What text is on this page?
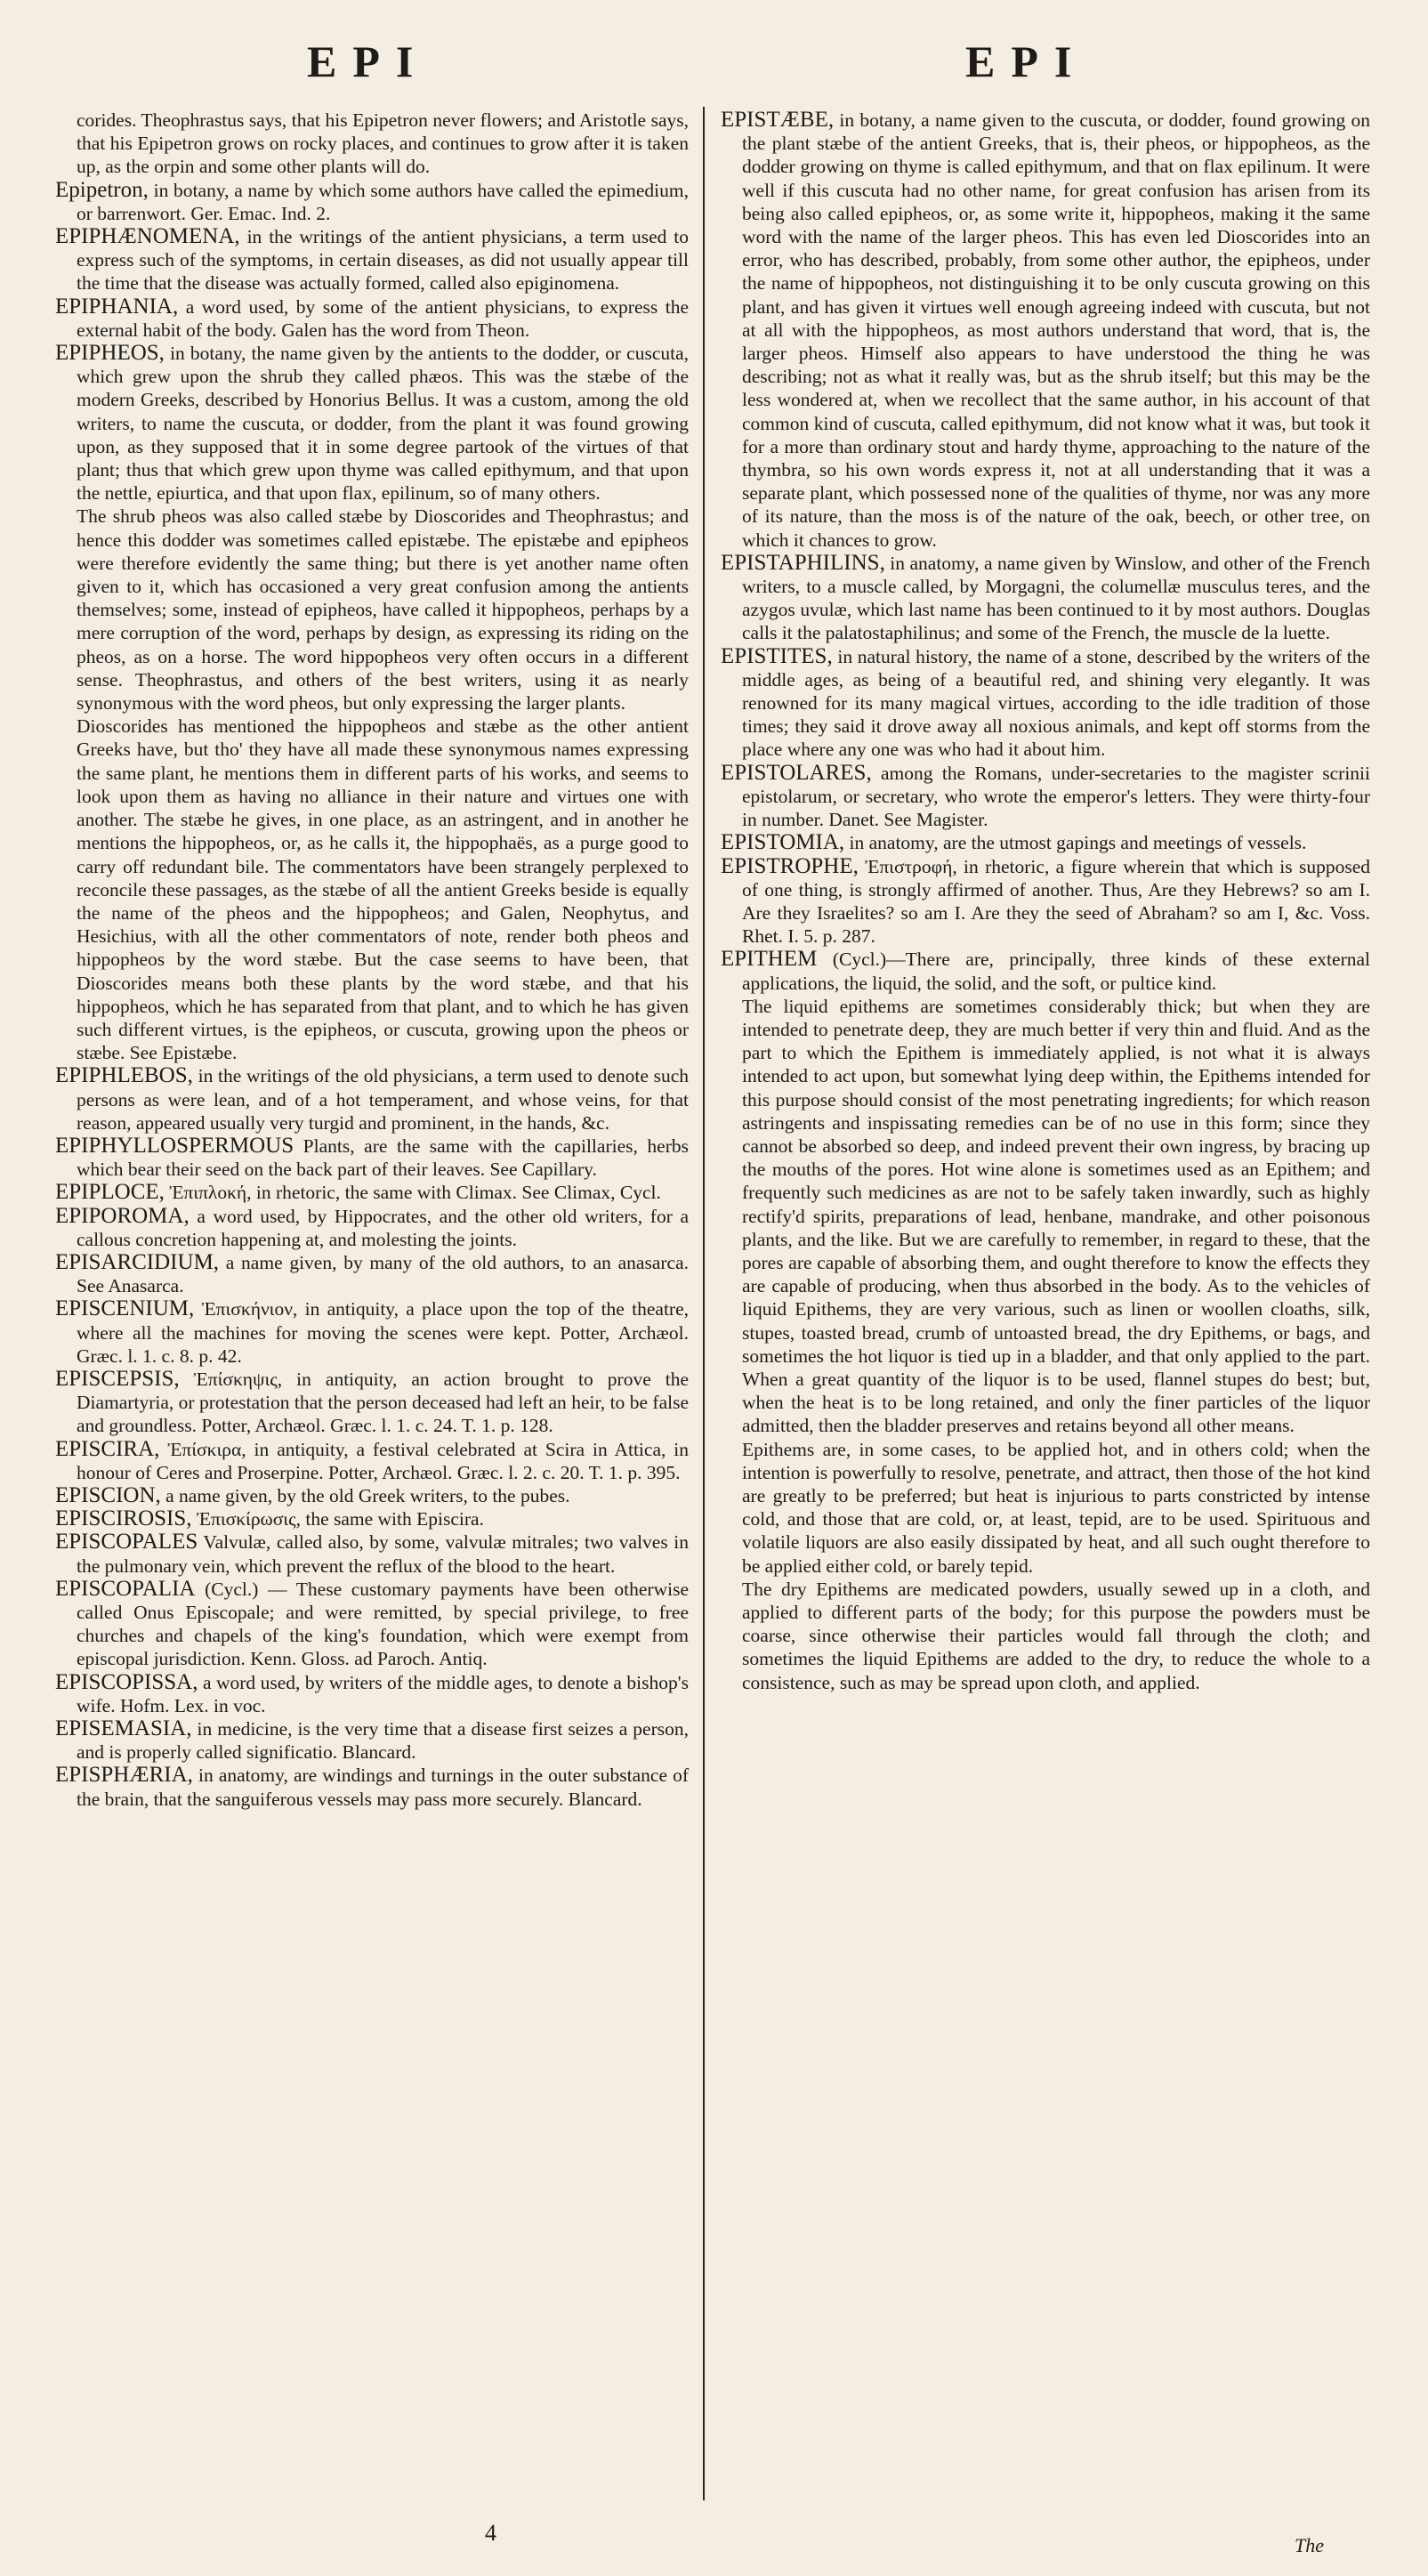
EPI	EPI

corides. Theophrastus says, that his Epipetron never flowers; and Aristotle says, that his Epipetron grows on rocky places, and continues to grow after it is taken up, as the orpin and some other plants will do.

Epipetron, in botany, a name by which some authors have called the epimedium, or barrenwort. Ger. Emac. Ind. 2.

EPIPHÆNOMENA, in the writings of the antient physicians, a term used to express such of the symptoms, in certain diseases, as did not usually appear till the time that the disease was actually formed, called also epiginomena.

EPIPHANIA, a word used, by some of the antient physicians, to express the external habit of the body. Galen has the word from Theon.

EPIPHEOS, in botany, the name given by the antients to the dodder, or cuscuta, which grew upon the shrub they called phæos. This was the stæbe of the modern Greeks, described by Honorius Bellus. It was a custom, among the old writers, to name the cuscuta, or dodder, from the plant it was found growing upon, as they supposed that it in some degree partook of the virtues of that plant; thus that which grew upon thyme was called epithymum, and that upon the nettle, epiurtica, and that upon flax, epilinum, so of many others.

The shrub pheos was also called stæbe by Dioscorides and Theophrastus; and hence this dodder was sometimes called epistæbe. The epistæbe and epipheos were therefore evidently the same thing; but there is yet another name often given to it, which has occasioned a very great confusion among the antients themselves; some, instead of epipheos, have called it hippopheos, perhaps by a mere corruption of the word, perhaps by design, as expressing its riding on the pheos, as on a horse. The word hippopheos very often occurs in a different sense. Theophrastus, and others of the best writers, using it as nearly synonymous with the word pheos, but only expressing the larger plants.

Dioscorides has mentioned the hippopheos and stæbe as the other antient Greeks have, but tho' they have all made these synonymous names expressing the same plant, he mentions them in different parts of his works, and seems to look upon them as having no alliance in their nature and virtues one with another. The stæbe he gives, in one place, as an astringent, and in another he mentions the hippopheos, or, as he calls it, the hippophaës, as a purge good to carry off redundant bile. The commentators have been strangely perplexed to reconcile these passages, as the stæbe of all the antient Greeks beside is equally the name of the pheos and the hippopheos; and Galen, Neophytus, and Hesichius, with all the other commentators of note, render both pheos and hippopheos by the word stæbe. But the case seems to have been, that Dioscorides means both these plants by the word stæbe, and that his hippopheos, which he has separated from that plant, and to which he has given such different virtues, is the epipheos, or cuscuta, growing upon the pheos or stæbe. See Epistæbe.

EPIPHLEBOS, in the writings of the old physicians, a term used to denote such persons as were lean, and of a hot temperament, and whose veins, for that reason, appeared usually very turgid and prominent, in the hands, &c.

EPIPHYLLOSPERMOUS Plants, are the same with the capillaries, herbs which bear their seed on the back part of their leaves. See Capillary.

EPIPLOCE, Ἐπιπλοκή, in rhetoric, the same with Climax. See Climax, Cycl.

EPIPOROMA, a word used, by Hippocrates, and the other old writers, for a callous concretion happening at, and molesting the joints.

EPISARCIDIUM, a name given, by many of the old authors, to an anasarca. See Anasarca.

EPISCENIUM, Ἐπισκήνιον, in antiquity, a place upon the top of the theatre, where all the machines for moving the scenes were kept. Potter, Archæol. Græc. l. 1. c. 8. p. 42.

EPISCEPSIS, Ἐπίσκηψις, in antiquity, an action brought to prove the Diamartyria, or protestation that the person deceased had left an heir, to be false and groundless. Potter, Archæol. Græc. l. 1. c. 24. T. 1. p. 128.

EPISCIRA, Ἐπίσκιρα, in antiquity, a festival celebrated at Scira in Attica, in honour of Ceres and Proserpine. Potter, Archæol. Græc. l. 2. c. 20. T. 1. p. 395.

EPISCION, a name given, by the old Greek writers, to the pubes.

EPISCIROSIS, Ἐπισκίρωσις, the same with Episcira.

EPISCOPALES Valvulæ, called also, by some, valvulæ mitrales; two valves in the pulmonary vein, which prevent the reflux of the blood to the heart.

EPISCOPALIA (Cycl.) — These customary payments have been otherwise called Onus Episcopale; and were remitted, by special privilege, to free churches and chapels of the king's foundation, which were exempt from episcopal jurisdiction. Kenn. Gloss. ad Paroch. Antiq.

EPISCOPISSA, a word used, by writers of the middle ages, to denote a bishop's wife. Hofm. Lex. in voc.

EPISEMASIA, in medicine, is the very time that a disease first seizes a person, and is properly called significatio. Blancard.

EPISPHÆRIA, in anatomy, are windings and turnings in the outer substance of the brain, that the sanguiferous vessels may pass more securely. Blancard.

EPISTÆBE, in botany, a name given to the cuscuta, or dodder, found growing on the plant stæbe of the antient Greeks, that is, their pheos, or hippopheos, as the dodder growing on thyme is called epithymum, and that on flax epilinum. It were well if this cuscuta had no other name, for great confusion has arisen from its being also called epipheos, or, as some write it, hippopheos, making it the same word with the name of the larger pheos. This has even led Dioscorides into an error, who has described, probably, from some other author, the epipheos, under the name of hippopheos, not distinguishing it to be only cuscuta growing on this plant, and has given it virtues well enough agreeing indeed with cuscuta, but not at all with the hippopheos, as most authors understand that word, that is, the larger pheos. Himself also appears to have understood the thing he was describing; not as what it really was, but as the shrub itself; but this may be the less wondered at, when we recollect that the same author, in his account of that common kind of cuscuta, called epithymum, did not know what it was, but took it for a more than ordinary stout and hardy thyme, approaching to the nature of the thymbra, so his own words express it, not at all understanding that it was a separate plant, which possessed none of the qualities of thyme, nor was any more of its nature, than the moss is of the nature of the oak, beech, or other tree, on which it chances to grow.

EPISTAPHILINS, in anatomy, a name given by Winslow, and other of the French writers, to a muscle called, by Morgagni, the columellæ musculus teres, and the azygos uvulæ, which last name has been continued to it by most authors. Douglas calls it the palatostaphilinus; and some of the French, the muscle de la luette.

EPISTITES, in natural history, the name of a stone, described by the writers of the middle ages, as being of a beautiful red, and shining very elegantly. It was renowned for its many magical virtues, according to the idle tradition of those times; they said it drove away all noxious animals, and kept off storms from the place where any one was who had it about him.

EPISTOLARES, among the Romans, under-secretaries to the magister scrinii epistolarum, or secretary, who wrote the emperor's letters. They were thirty-four in number. Danet. See Magister.

EPISTOMIA, in anatomy, are the utmost gapings and meetings of vessels.

EPISTROPHE, Ἐπιστροφή, in rhetoric, a figure wherein that which is supposed of one thing, is strongly affirmed of another. Thus, Are they Hebrews? so am I. Are they Israelites? so am I. Are they the seed of Abraham? so am I, &c. Voss. Rhet. I. 5. p. 287.

EPITHEM (Cycl.)—There are, principally, three kinds of these external applications, the liquid, the solid, and the soft, or pultice kind.

The liquid epithems are sometimes considerably thick; but when they are intended to penetrate deep, they are much better if very thin and fluid. And as the part to which the Epithem is immediately applied, is not what it is always intended to act upon, but somewhat lying deep within, the Epithems intended for this purpose should consist of the most penetrating ingredients; for which reason astringents and inspissating remedies can be of no use in this form; since they cannot be absorbed so deep, and indeed prevent their own ingress, by bracing up the mouths of the pores. Hot wine alone is sometimes used as an Epithem; and frequently such medicines as are not to be safely taken inwardly, such as highly rectify'd spirits, preparations of lead, henbane, mandrake, and other poisonous plants, and the like. But we are carefully to remember, in regard to these, that the pores are capable of absorbing them, and ought therefore to know the effects they are capable of producing, when thus absorbed in the body. As to the vehicles of liquid Epithems, they are very various, such as linen or woollen cloaths, silk, stupes, toasted bread, crumb of untoasted bread, the dry Epithems, or bags, and sometimes the hot liquor is tied up in a bladder, and that only applied to the part. When a great quantity of the liquor is to be used, flannel stupes do best; but, when the heat is to be long retained, and only the finer particles of the liquor admitted, then the bladder preserves and retains beyond all other means.

Epithems are, in some cases, to be applied hot, and in others cold; when the intention is powerfully to resolve, penetrate, and attract, then those of the hot kind are greatly to be preferred; but heat is injurious to parts constricted by intense cold, and those that are cold, or, at least, tepid, are to be used. Spirituous and volatile liquors are also easily dissipated by heat, and all such ought therefore to be applied either cold, or barely tepid.

The dry Epithems are medicated powders, usually sewed up in a cloth, and applied to different parts of the body; for this purpose the powders must be coarse, since otherwise their particles would fall through the cloth; and sometimes the liquid Epithems are added to the dry, to reduce the whole to a consistence, such as may be spread upon cloth, and applied.

4	The
